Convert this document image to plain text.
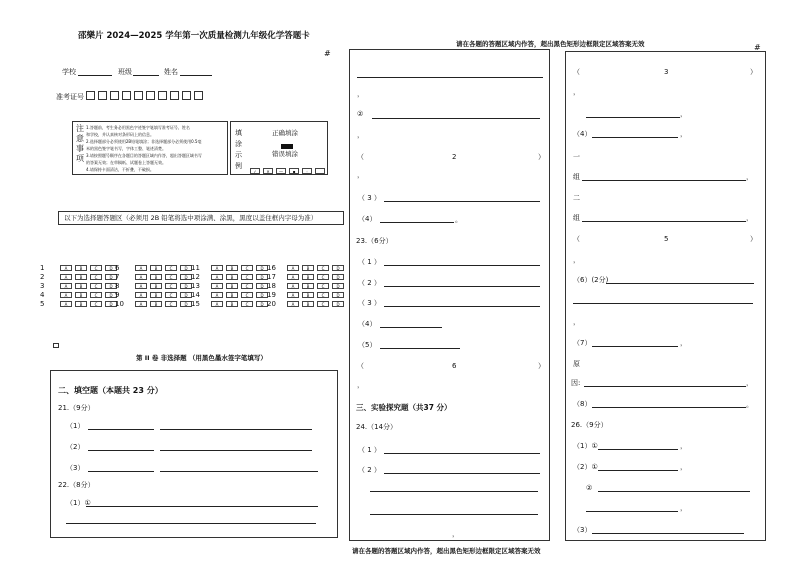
邵樂片 2024—2025 学年第一次质量检测九年级化学答题卡
#
学校	班级	姓名
准考证号
注
意
事
项
1.答题前，考生务必用黑色字迹签字笔填写准考证号、姓名
和学校，并认真核对条形码上的信息。
2.选择题部分必须使用2B铅笔填涂；非选择题部分必须使用0.5毫
米的黑色签字笔书写，字体工整、笔迹清楚。
3.请按照题号顺序在各题目的答题区域内作答，超出答题区域书写
的答案无效；在草稿纸、试题卷上答题无效。
4.请保持卡面清洁，不折叠，不破损。
填
涂
示
例
正确填涂
错误填涂
✓ ✕ — ▪	◦
以下为选择题答题区（必须用 2B 铅笔将选中项涂满、涂黑，黑度以盖住框内字母为准）
1	A	B	C	D
2	A	B	C	D
3	A	B	C	D
4	A	B	C	D
5	A	B	C	D
6	A	B	C	D
7	A	B	C	D
8	A	B	C	D
9	A	B	C	D
10	A	B	C	D
11	A	B	C	D
12	A	B	C	D
13	A	B	C	D
14	A	B	C	D
15	A	B	C	D
16	A	B	C	D
17	A	B	C	D
18	A	B	C	D
19	A	B	C	D
20	A	B	C	D
第 II 卷 非选择题 （用黑色墨水签字笔填写）
二、填空题（本题共 23 分）
21.（9分）
（1）
（2）
（3）
22.（8分）
（1）①
请在各题的答题区域内作答，超出黑色矩形边框限定区域答案无效
，
②
，
（	2	）
，
（ 3 ）
（4）	。
23.（6分）
（ 1 ）
（ 2 ）
（ 3 ）
（4）
（5）
（	6	）
，
三、实验探究题（共37 分）
24.（14分）
（ 1 ）
（ 2 ）
，
请在各题的答题区域内作答，超出黑色矩形边框限定区域答案无效
#
（	3	）
，
，
（4）	，
一
组	，
二
组	，
（	5	）
，
（6）(2分)
，
（7）	，
原
因:	，
（8）	。
26.（9分）
（1）①	，
（2）①	，
②
，
（3）
